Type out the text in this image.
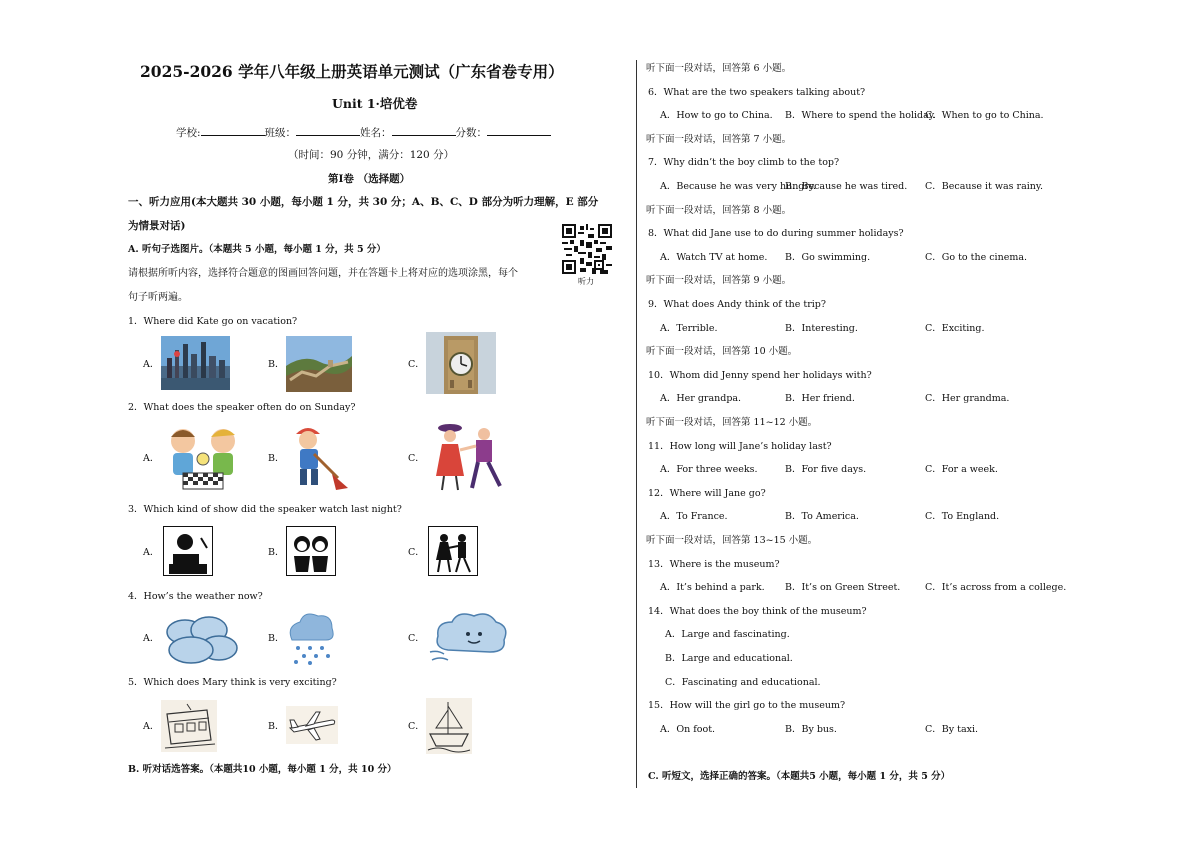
2025-2026 学年八年级上册英语单元测试（广东省卷专用）
Unit 1·培优卷
学校:	班级：	姓名：	分数：
（时间：90 分钟，满分：120 分）
第Ⅰ卷 （选择题）
一、听力应用(本大题共 30 小题，每小题 1 分，共 30 分；A、B、C、D 部分为听力理解，E 部分
为情景对话)
A. 听句子选图片。（本题共 5 小题，每小题 1 分，共 5 分）
请根据所听内容，选择符合题意的图画回答问题，并在答题卡上将对应的选项涂黑，每个
句子听两遍。
听力
1．Where did Kate go on vacation?
A．	B．	C．
2．What does the speaker often do on Sunday?
A．	B．	C．
3．Which kind of show did the speaker watch last night?
A．	B．	C．
4．How’s the weather now?
A．	B．	C．
5．Which does Mary think is very exciting?
A．	B．	C．
B. 听对话选答案。（本题共10 小题，每小题 1 分，共 10 分）
听下面一段对话，回答第 6 小题。
6．What are the two speakers talking about?
A．How to go to China. B．Where to spend the holiday.
C．When to go to China.
听下面一段对话，回答第 7 小题。
7．Why didn’t the boy climb to the top?
A．Because he was very hungry.
B．Because he was tired. C．Because it was rainy.
听下面一段对话，回答第 8 小题。
8．What did Jane use to do during summer holidays?
A．Watch TV at home. B．Go swimming.	C．Go to the cinema.
听下面一段对话，回答第 9 小题。
9．What does Andy think of the trip?
A．Terrible.	B．Interesting.	C．Exciting.
听下面一段对话，回答第 10 小题。
10．Whom did Jenny spend her holidays with?
A．Her grandpa.	B．Her friend.	C．Her grandma.
听下面一段对话，回答第 11~12 小题。
11．How long will Jane’s holiday last?
A．For three weeks.	B．For five days.	C．For a week.
12．Where will Jane go?
A．To France.	B．To America.	C．To England.
听下面一段对话，回答第 13~15 小题。
13．Where is the museum?
A．It’s behind a park. B．It’s on Green Street.	C．It’s across from a college.
14．What does the boy think of the museum?
A．Large and fascinating.
B．Large and educational.
C．Fascinating and educational.
15．How will the girl go to the museum?
A．On foot.	B．By bus.	C．By taxi.
C. 听短文，选择正确的答案。（本题共5 小题，每小题 1 分，共 5 分）
